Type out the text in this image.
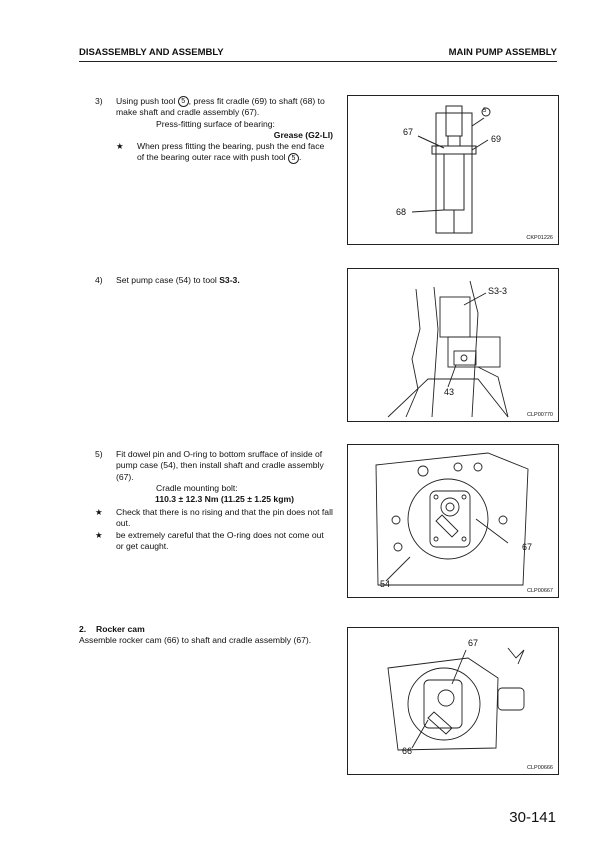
DISASSEMBLY AND ASSEMBLY	MAIN PUMP ASSEMBLY
3) Using push tool 5 , press fit cradle (69) to shaft (68) to make shaft and cradle assembly (67).
Press-fitting surface of bearing:
Grease (G2-LI)
★ When press fitting the bearing, push the end face of the bearing outer race with push tool 5 .
4) Set pump case (54) to tool S3-3.
5) Fit dowel pin and O-ring to bottom srufface of inside of pump case (54), then install shaft and cradle assembly (67).
Cradle mounting bolt:
110.3 ± 12.3 Nm (11.25 ± 1.25 kgm)
★ Check that there is no rising and that the pin does not fall out.
★ be extremely careful that the O-ring does not come out or get caught.
2. Rocker cam
Assemble rocker cam (66) to shaft and cradle assembly (67).
5
67
69
68
CKP01226
S3-3
43
CLP00770
67
54
CLP00667
67
66
CLP00666
30-141
